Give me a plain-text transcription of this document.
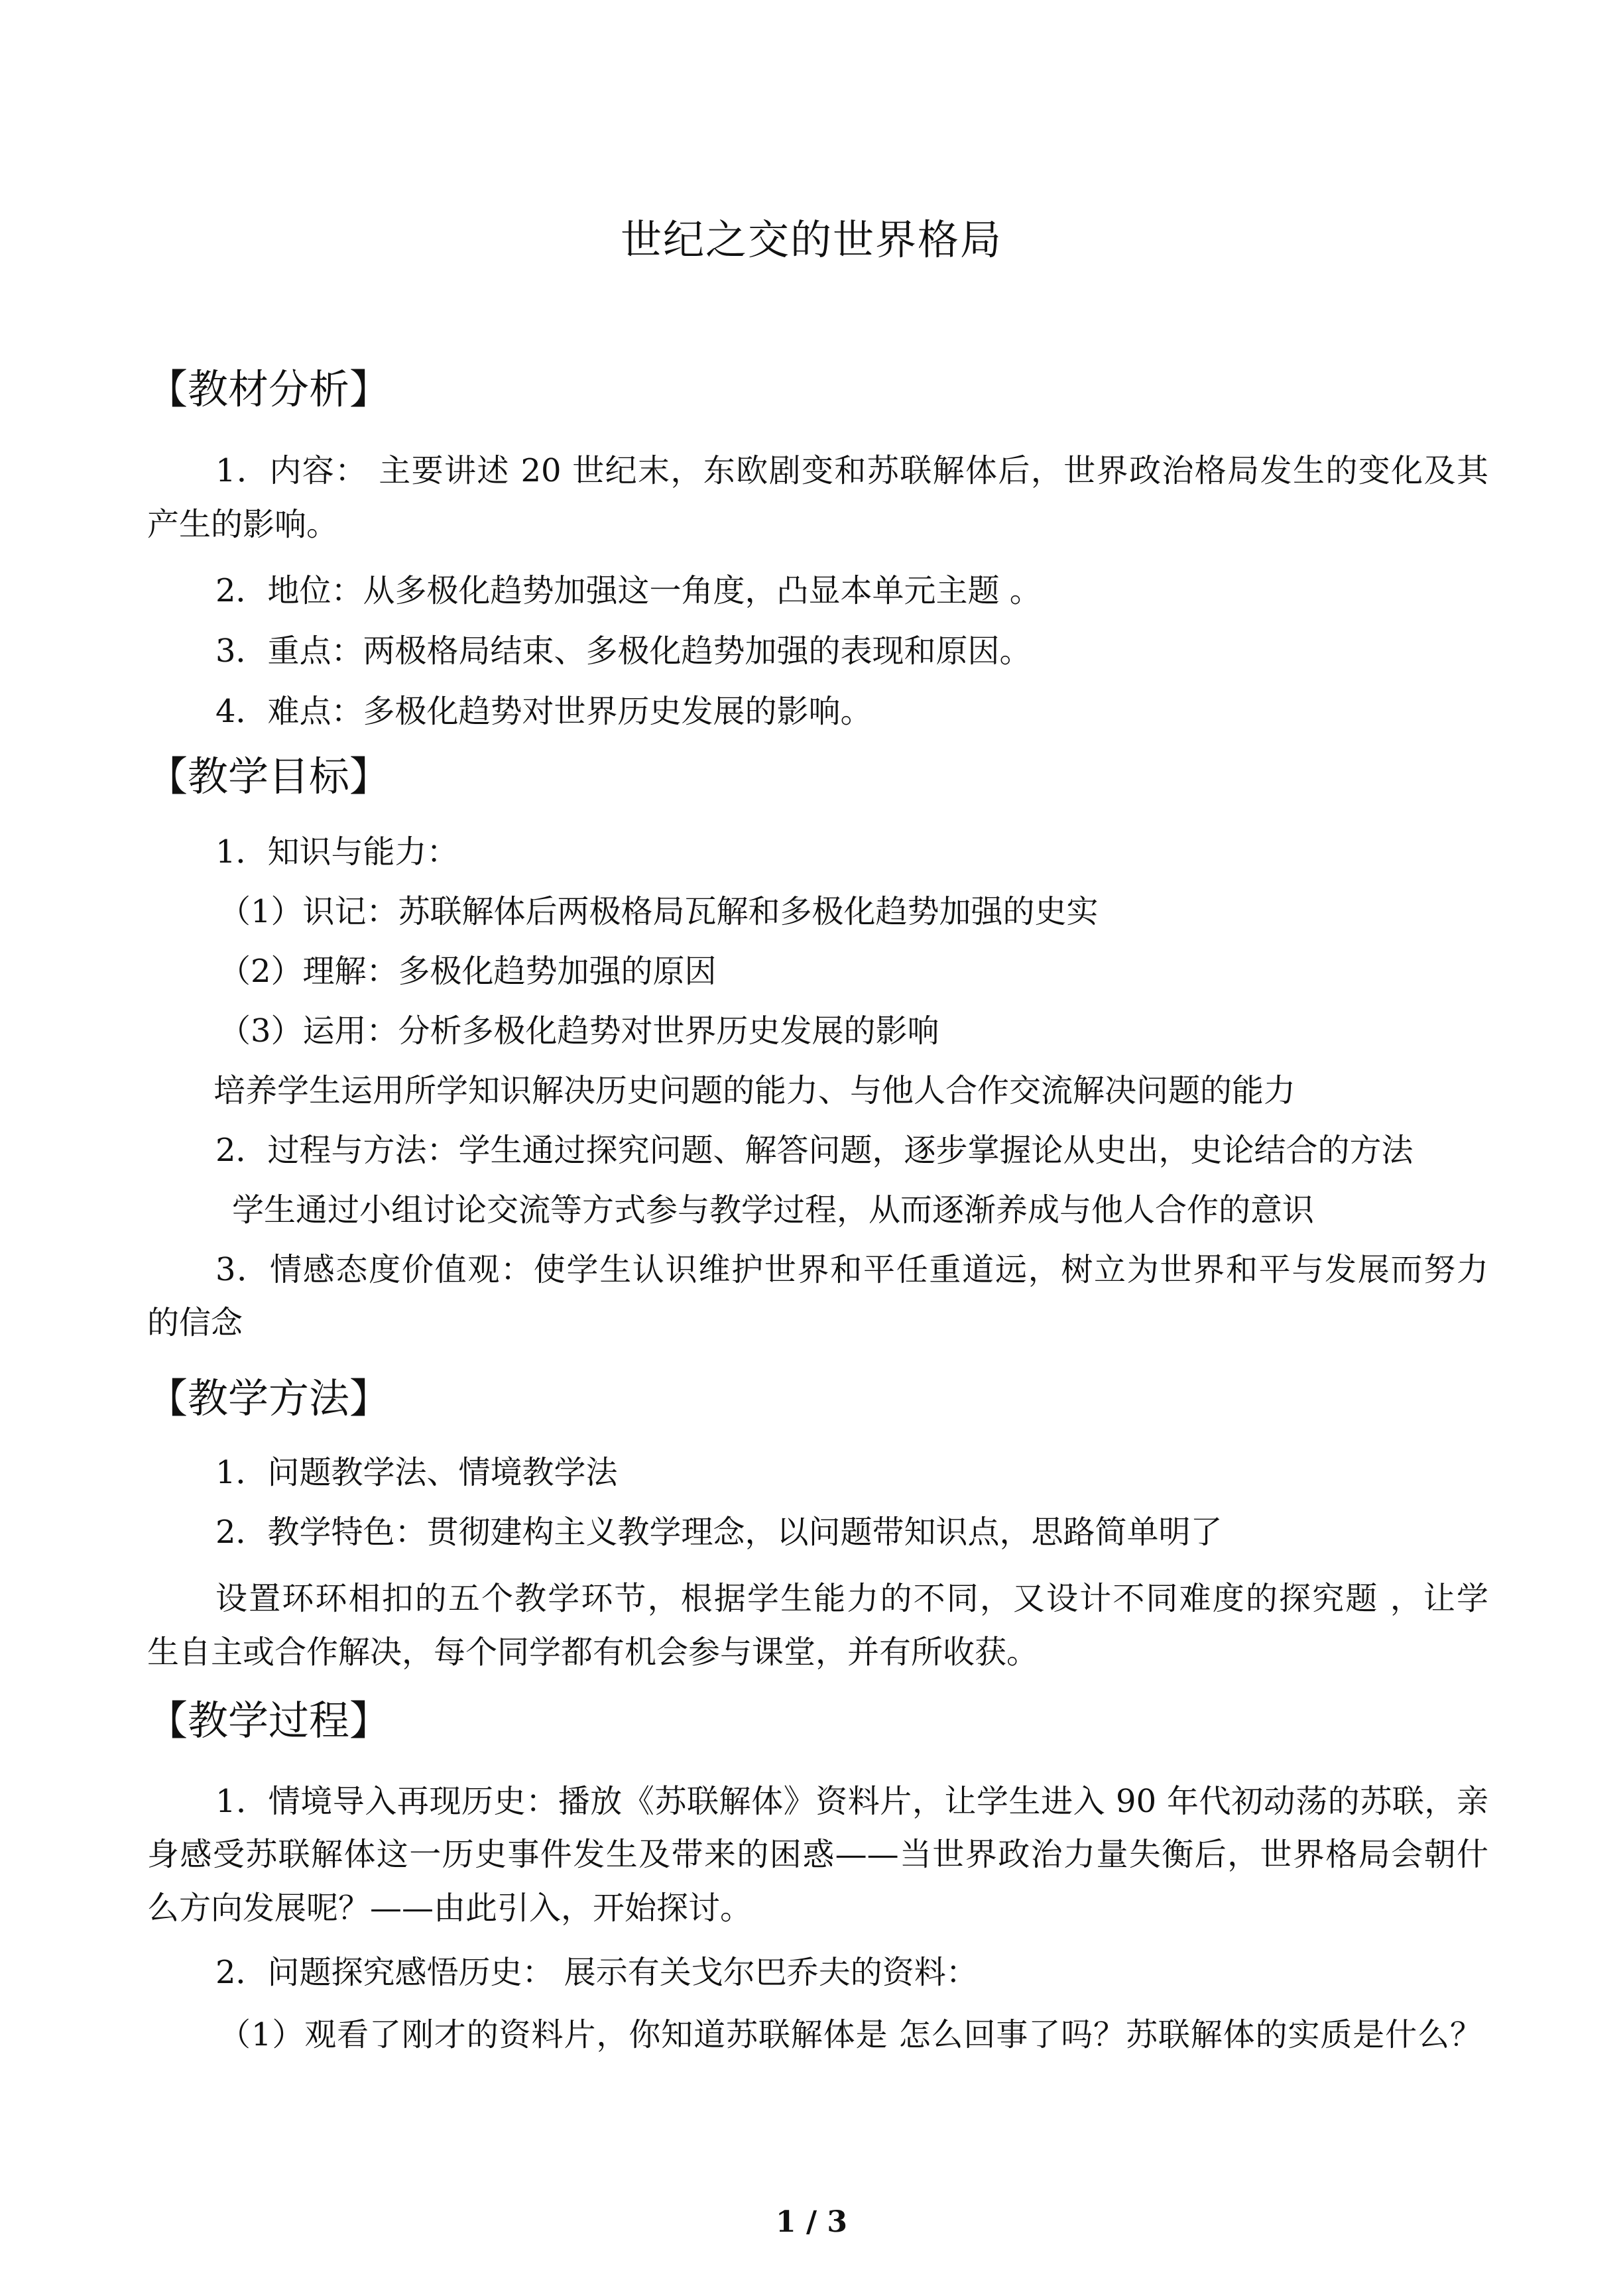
世纪之交的世界格局
【教材分析】
1．内容： 主要讲述 20 世纪末，东欧剧变和苏联解体后，世界政治格局发生的变化及其
产生的影响。
2．地位：从多极化趋势加强这一角度，凸显本单元主题 。
3．重点：两极格局结束、多极化趋势加强的表现和原因。
4．难点：多极化趋势对世界历史发展的影响。
【教学目标】
1．知识与能力：
（1）识记：苏联解体后两极格局瓦解和多极化趋势加强的史实
（2）理解：多极化趋势加强的原因
（3）运用：分析多极化趋势对世界历史发展的影响
培养学生运用所学知识解决历史问题的能力、与他人合作交流解决问题的能力
2．过程与方法：学生通过探究问题、解答问题，逐步掌握论从史出，史论结合的方法
学生通过小组讨论交流等方式参与教学过程，从而逐渐养成与他人合作的意识
3．情感态度价值观：使学生认识维护世界和平任重道远，树立为世界和平与发展而努力
的信念
【教学方法】
1．问题教学法、情境教学法
2．教学特色：贯彻建构主义教学理念，以问题带知识点，思路简单明了
设置环环相扣的五个教学环节，根据学生能力的不同，又设计不同难度的探究题 ，让学
生自主或合作解决，每个同学都有机会参与课堂，并有所收获。
【教学过程】
1．情境导入再现历史：播放《苏联解体》资料片，让学生进入 90 年代初动荡的苏联，亲
身感受苏联解体这一历史事件发生及带来的困惑——当世界政治力量失衡后，世界格局会朝什
么方向发展呢？——由此引入，开始探讨。
2．问题探究感悟历史： 展示有关戈尔巴乔夫的资料：
（1）观看了刚才的资料片，你知道苏联解体是 怎么回事了吗？苏联解体的实质是什么？
1 / 3
